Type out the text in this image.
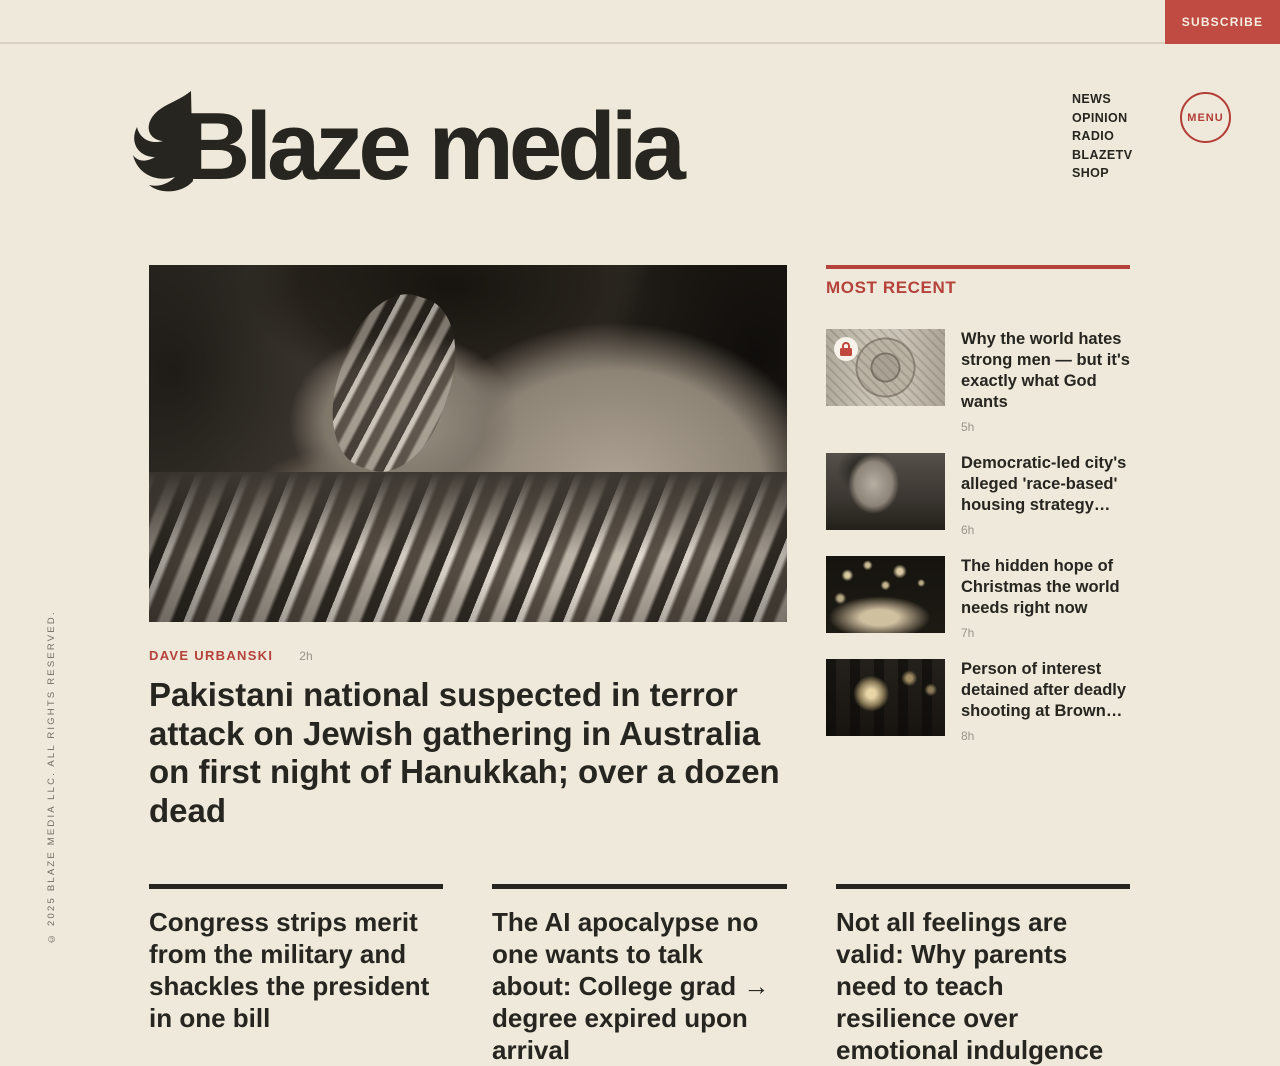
SUBSCRIBE
Blaze media	NEWS
OPINION
RADIO
BLAZETV
SHOP
MENU
DAVE URBANSKI 2h
Pakistani national suspected in terror attack on Jewish gathering in Australia on first night of Hanukkah; over a dozen dead
MOST RECENT
Why the world hates strong men — but it's exactly what God wants
5h
Democratic-led city's alleged 'race-based' housing strategy…
6h
The hidden hope of Christmas the world needs right now
7h
Person of interest detained after deadly shooting at Brown…
8h
Congress strips merit from the military and shackles the president in one bill
The AI apocalypse no one wants to talk about: College grad → degree expired upon arrival
Not all feelings are valid: Why parents need to teach resilience over emotional indulgence
© 2025 BLAZE MEDIA LLC. ALL RIGHTS RESERVED.
